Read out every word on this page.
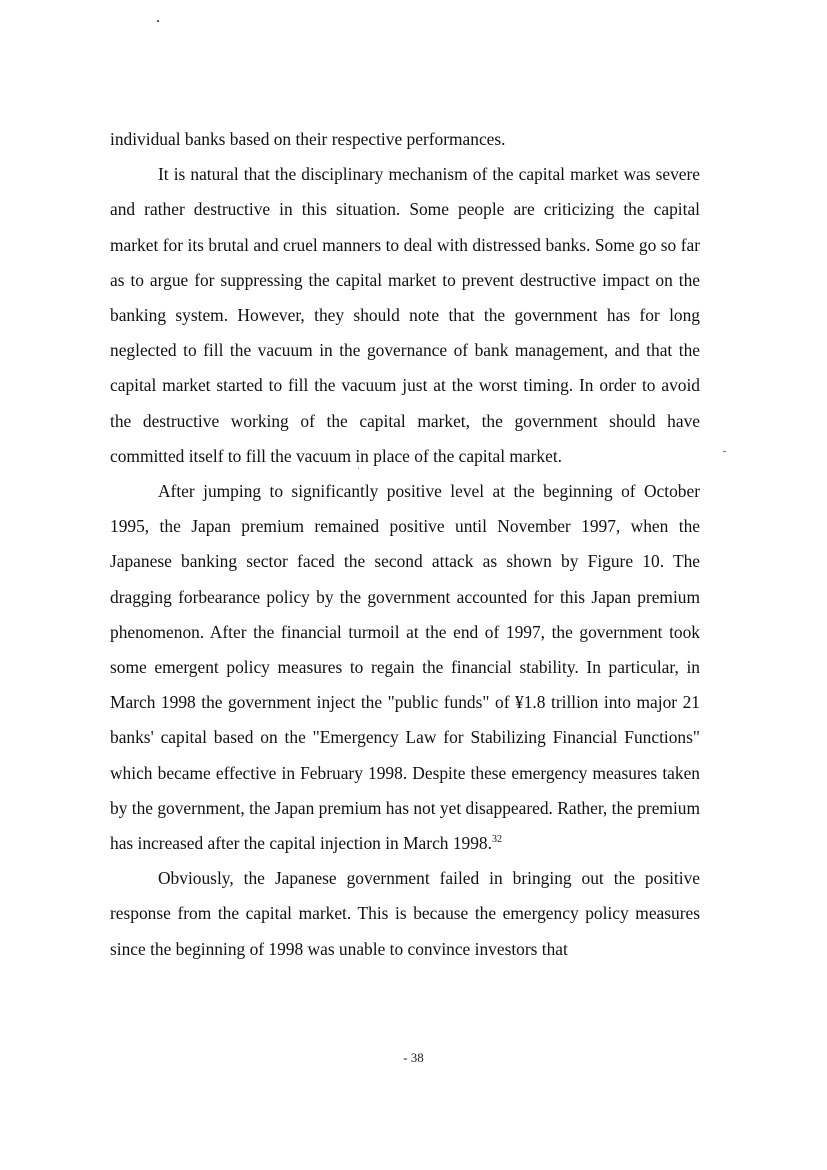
individual banks based on their respective performances.

It is natural that the disciplinary mechanism of the capital market was severe and rather destructive in this situation. Some people are criticizing the capital market for its brutal and cruel manners to deal with distressed banks. Some go so far as to argue for suppressing the capital market to prevent destructive impact on the banking system. However, they should note that the government has for long neglected to fill the vacuum in the governance of bank management, and that the capital market started to fill the vacuum just at the worst timing. In order to avoid the destructive working of the capital market, the government should have committed itself to fill the vacuum in place of the capital market.

After jumping to significantly positive level at the beginning of October 1995, the Japan premium remained positive until November 1997, when the Japanese banking sector faced the second attack as shown by Figure 10. The dragging forbearance policy by the government accounted for this Japan premium phenomenon. After the financial turmoil at the end of 1997, the government took some emergent policy measures to regain the financial stability. In particular, in March 1998 the government inject the "public funds" of ¥1.8 trillion into major 21 banks' capital based on the "Emergency Law for Stabilizing Financial Functions" which became effective in February 1998. Despite these emergency measures taken by the government, the Japan premium has not yet disappeared. Rather, the premium has increased after the capital injection in March 1998.32

Obviously, the Japanese government failed in bringing out the positive response from the capital market. This is because the emergency policy measures since the beginning of 1998 was unable to convince investors that

- 38
